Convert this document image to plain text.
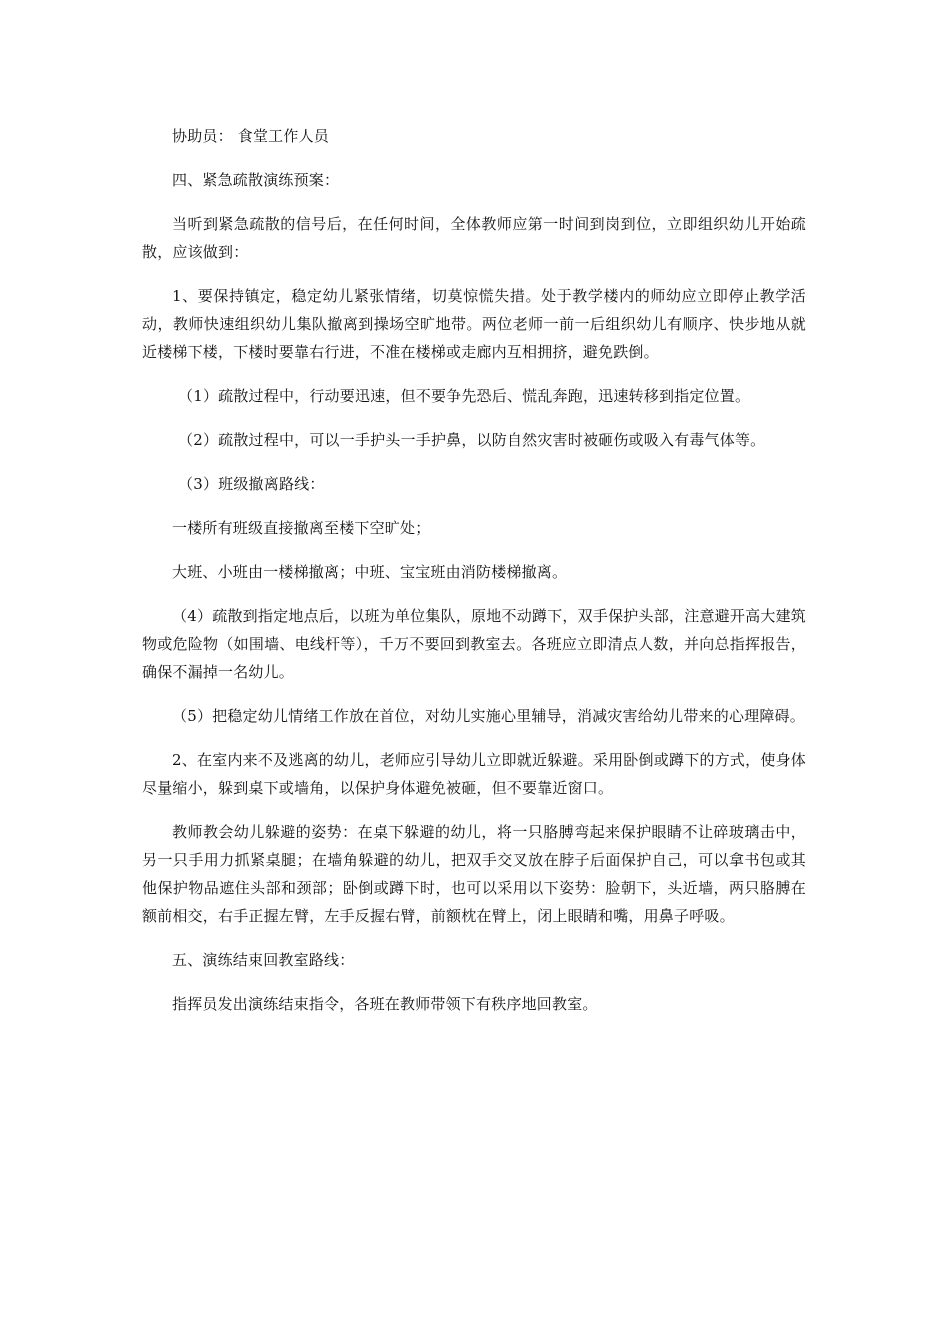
协助员： 食堂工作人员

四、紧急疏散演练预案：

当听到紧急疏散的信号后，在任何时间，全体教师应第一时间到岗到位，立即组织幼儿开始疏散，应该做到：

1、要保持镇定，稳定幼儿紧张情绪，切莫惊慌失措。处于教学楼内的师幼应立即停止教学活动，教师快速组织幼儿集队撤离到操场空旷地带。两位老师一前一后组织幼儿有顺序、快步地从就近楼梯下楼，下楼时要靠右行进，不准在楼梯或走廊内互相拥挤，避免跌倒。

（1）疏散过程中，行动要迅速，但不要争先恐后、慌乱奔跑，迅速转移到指定位置。

（2）疏散过程中，可以一手护头一手护鼻，以防自然灾害时被砸伤或吸入有毒气体等。

（3）班级撤离路线：

一楼所有班级直接撤离至楼下空旷处；

大班、小班由一楼梯撤离；中班、宝宝班由消防楼梯撤离。

（4）疏散到指定地点后，以班为单位集队，原地不动蹲下，双手保护头部，注意避开高大建筑物或危险物（如围墙、电线杆等），千万不要回到教室去。各班应立即清点人数，并向总指挥报告，确保不漏掉一名幼儿。

（5）把稳定幼儿情绪工作放在首位，对幼儿实施心里辅导，消减灾害给幼儿带来的心理障碍。

2、在室内来不及逃离的幼儿，老师应引导幼儿立即就近躲避。采用卧倒或蹲下的方式，使身体尽量缩小，躲到桌下或墙角，以保护身体避免被砸，但不要靠近窗口。

教师教会幼儿躲避的姿势：在桌下躲避的幼儿，将一只胳膊弯起来保护眼睛不让碎玻璃击中，另一只手用力抓紧桌腿；在墙角躲避的幼儿，把双手交叉放在脖子后面保护自己，可以拿书包或其他保护物品遮住头部和颈部；卧倒或蹲下时，也可以采用以下姿势：脸朝下，头近墙，两只胳膊在额前相交，右手正握左臂，左手反握右臂，前额枕在臂上，闭上眼睛和嘴，用鼻子呼吸。

五、演练结束回教室路线：

指挥员发出演练结束指令，各班在教师带领下有秩序地回教室。
